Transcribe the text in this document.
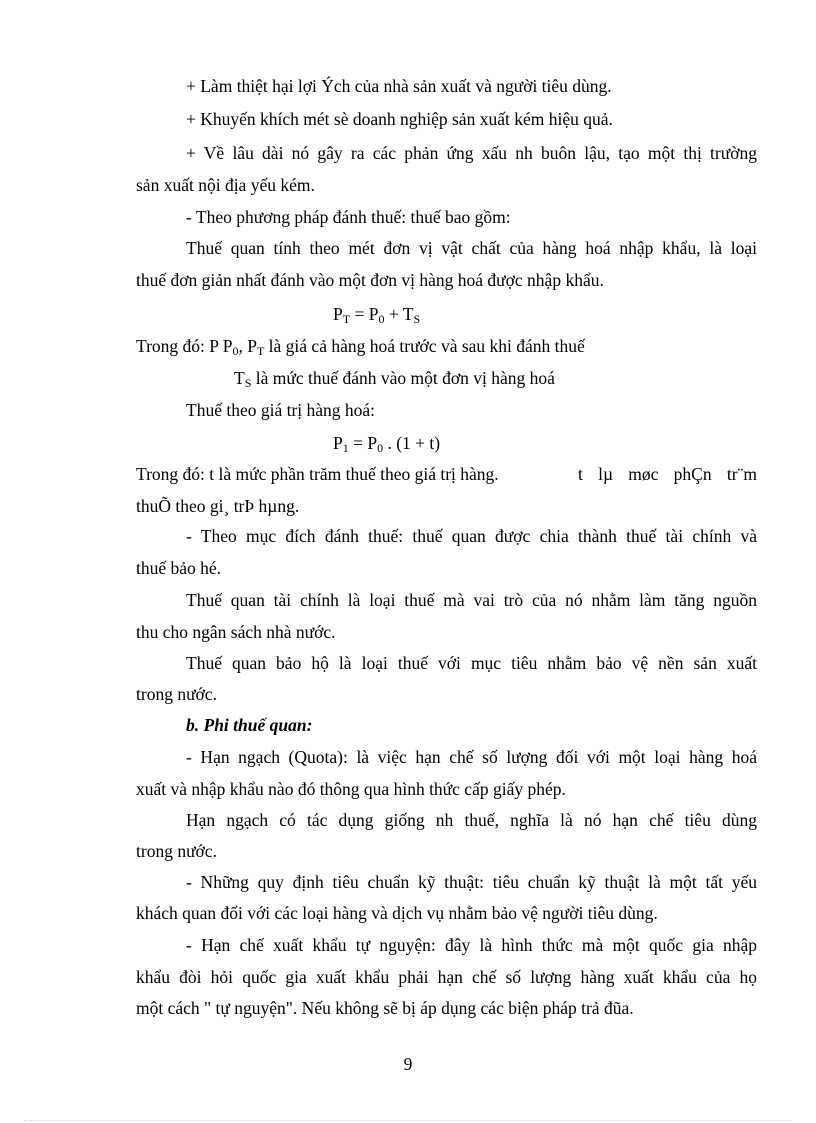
+ Làm thiệt hại lợi Ých của nhà sản xuất và người tiêu dùng.
+ Khuyến khích mét sè doanh nghiệp sản xuất kém hiệu quả.
+ Về lâu dài nó gây ra các phản ứng xấu nh buôn lậu, tạo một thị trường
sản xuất nội địa yếu kém.
- Theo phương pháp đánh thuế: thuế bao gồm:
Thuế quan tính theo mét đơn vị vật chất của hàng hoá nhập khẩu, là loại
thuế đơn giản nhất đánh vào một đơn vị hàng hoá được nhập khẩu.
$P_T = P_0 + T_S$
Trong đó: P $P_0$, $P_T$ là giá cả hàng hoá trước và sau khi đánh thuế
$T_S$ là mức thuế đánh vào một đơn vị hàng hoá
Thuế theo giá trị hàng hoá:
$P_1 = P_0$ . (1 + t)
Trong đó: t là mức phần trăm thuế theo giá trị hàng.	t lµ møc phÇn tr¨m
thuÕ theo gi¸ trÞ hµng.
- Theo mục đích đánh thuế: thuế quan được chia thành thuế tài chính và
thuế bảo hé.
Thuế quan tài chính là loại thuế mà vai trò của nó nhằm làm tăng nguồn
thu cho ngân sách nhà nước.
Thuế quan bảo hộ là loại thuế với mục tiêu nhằm bảo vệ nền sản xuất
trong nước.
b. Phi thuế quan:
- Hạn ngạch (Quota): là việc hạn chế số lượng đối với một loại hàng hoá
xuất và nhập khẩu nào đó thông qua hình thức cấp giấy phép.
Hạn ngạch có tác dụng giống nh thuế, nghĩa là nó hạn chế tiêu dùng
trong nước.
- Những quy định tiêu chuẩn kỹ thuật: tiêu chuẩn kỹ thuật là một tất yếu
khách quan đối với các loại hàng và dịch vụ nhằm bảo vệ người tiêu dùng.
- Hạn chế xuất khẩu tự nguyện: đây là hình thức mà một quốc gia nhập
khẩu đòi hỏi quốc gia xuất khẩu phải hạn chế số lượng hàng xuất khẩu của họ
một cách " tự nguyện". Nếu không sẽ bị áp dụng các biện pháp trả đũa.
9
